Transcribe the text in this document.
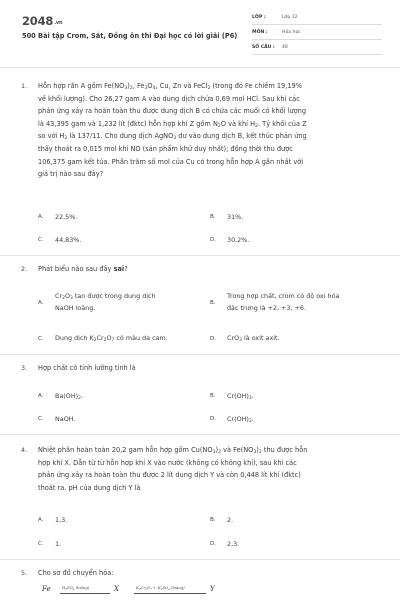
2048.vn
500 Bài tập Crom, Sắt, Đồng ôn thi Đại học có lời giải (P6)
LỚP :	Lớp 12
MÔN :	Hóa học
SỐ CÂU : 40
1. Hỗn hợp rắn A gồm $Fe(NO_3)_2$, $Fe_3O_4$, Cu, Zn và FeCl$_2$ (trong đó Fe chiếm 19,19%
về khối lượng). Cho 26,27 gam A vào dung dịch chứa 0,69 mol HCl. Sau khi các
phản ứng xảy ra hoàn toàn thu được dung dịch B có chứa các muối có khối lượng
là 43,395 gam và 1,232 lít (đktc) hỗn hợp khí Z gồm $N_2O$ và khí $H_2$. Tỷ khối của Z
so với $H_2$ là 137/11. Cho dung dịch AgNO$_3$ dư vào dung dịch B, kết thúc phản ứng
thấy thoát ra 0,015 mol khí NO (sản phẩm khử duy nhất); đồng thời thu được
106,375 gam kết tủa. Phần trăm số mol của Cu có trong hỗn hợp A gần nhất với
giá trị nào sau đây?
A. 22,5%.	B. 31%.
C. 44,83%.	D. 30,2%.
2. Phát biểu nào sau đây sai?
A.
$Cr_2O_3$ tan được trong dung dịch
NaOH loãng.
B.
Trong hợp chất, crom có độ oxi hóa
đặc trưng là +2, +3, +6.
C. Dung dịch $K_2Cr_2O_7$ có màu da cam.	D. CrO$_3$ là oxit axit.
3. Hợp chất có tính lưỡng tính là
A. $Ba(OH)_2$.	B. $Cr(OH)_3$.
C. NaOH.	D. $Cr(OH)_2$.
4. Nhiệt phân hoàn toàn 20,2 gam hỗn hợp gồm $Cu(NO_3)_2$ và $Fe(NO_3)_2$ thu được hỗn
hợp khí X. Dẫn từ từ hỗn hợp khí X vào nước (không có không khí), sau khi các
phản ứng xảy ra hoàn toàn thu được 2 lít dung dịch Y và còn 0,448 lít khí (đktc)
thoát ra. pH của dung dịch Y là
A. 1,3.	B. 2.
C. 1.	D. 2,3.
5. Cho sơ đồ chuyển hóa:
Fe	$H_2SO_4$ (loãng)	X	$K_2Cr_2O_7 + H_2SO_4$ (loãng)	Y
